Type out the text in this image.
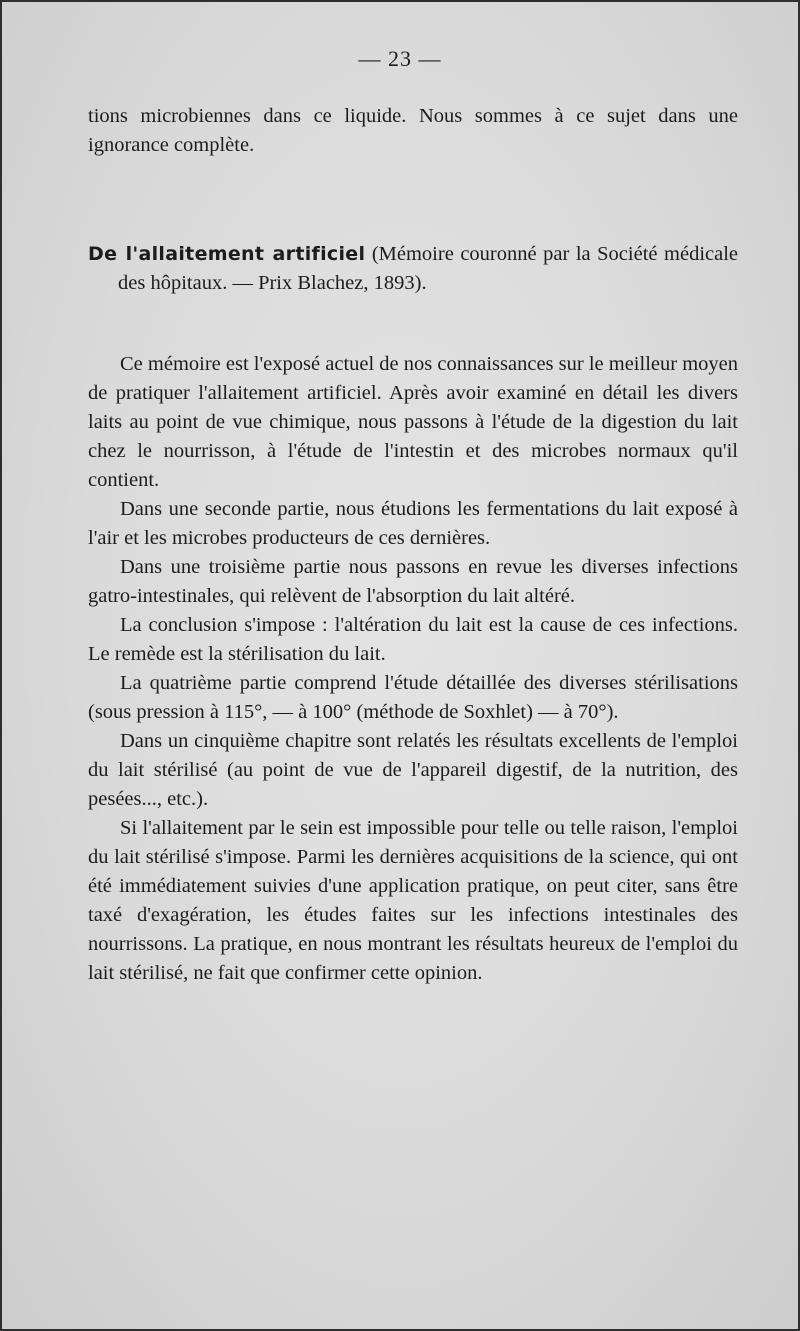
— 23 —

tions microbiennes dans ce liquide. Nous sommes à ce sujet dans une ignorance complète.

De l'allaitement artificiel (Mémoire couronné par la Société médicale des hôpitaux. — Prix Blachez, 1893).

Ce mémoire est l'exposé actuel de nos connaissances sur le meilleur moyen de pratiquer l'allaitement artificiel. Après avoir examiné en détail les divers laits au point de vue chimique, nous passons à l'étude de la digestion du lait chez le nourrisson, à l'étude de l'intestin et des microbes normaux qu'il contient.

Dans une seconde partie, nous étudions les fermentations du lait exposé à l'air et les microbes producteurs de ces dernières.

Dans une troisième partie nous passons en revue les diverses infections gatro-intestinales, qui relèvent de l'absorption du lait altéré.

La conclusion s'impose : l'altération du lait est la cause de ces infections. Le remède est la stérilisation du lait.

La quatrième partie comprend l'étude détaillée des diverses stérilisations (sous pression à 115°, — à 100° (méthode de Soxhlet) — à 70°).

Dans un cinquième chapitre sont relatés les résultats excellents de l'emploi du lait stérilisé (au point de vue de l'appareil digestif, de la nutrition, des pesées..., etc.).

Si l'allaitement par le sein est impossible pour telle ou telle raison, l'emploi du lait stérilisé s'impose. Parmi les dernières acquisitions de la science, qui ont été immédiatement suivies d'une application pratique, on peut citer, sans être taxé d'exagération, les études faites sur les infections intestinales des nourrissons. La pratique, en nous montrant les résultats heureux de l'emploi du lait stérilisé, ne fait que confirmer cette opinion.
